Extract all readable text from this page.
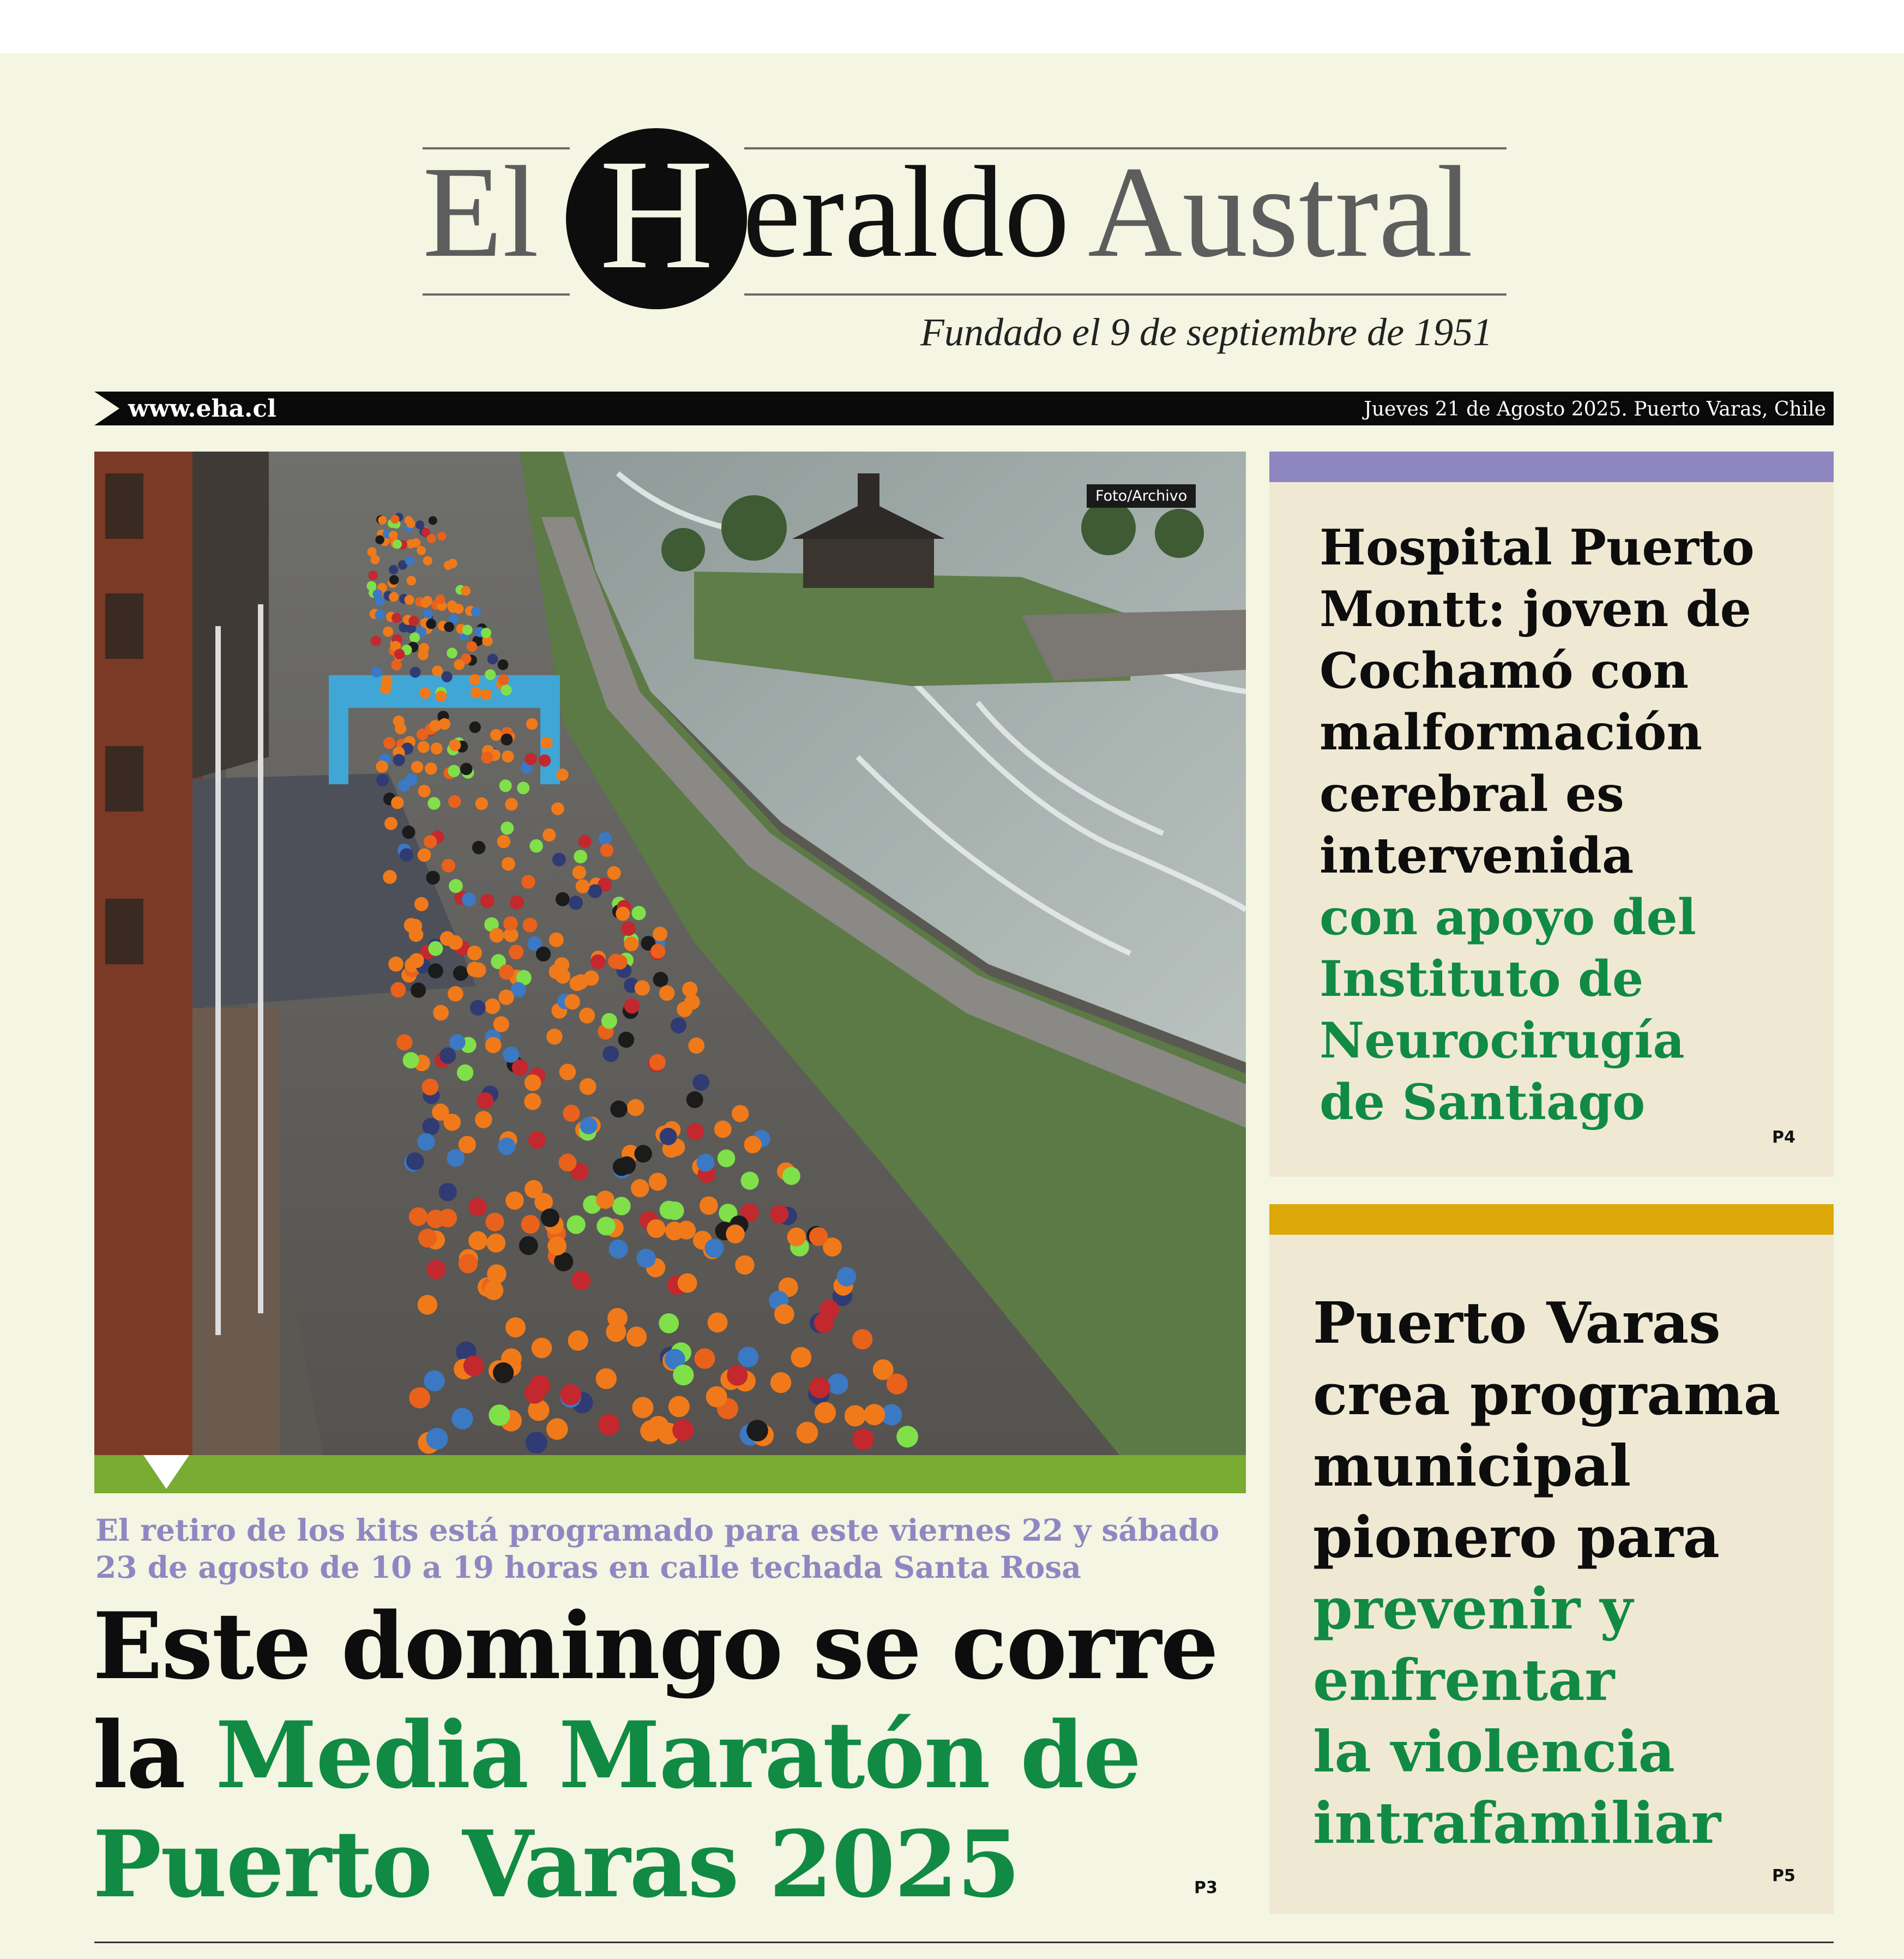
El H eraldo Austral
Fundado el 9 de septiembre de 1951
www.eha.cl	Jueves 21 de Agosto 2025. Puerto Varas, Chile
Foto/Archivo
El retiro de los kits está programado para este viernes 22 y sábado 23 de agosto de 10 a 19 horas en calle techada Santa Rosa
Este domingo se corre
la Media Maratón de
Puerto Varas 2025	P3
Hospital Puerto
Montt: joven de
Cochamó con
malformación
cerebral es
intervenida
con apoyo del
Instituto de
Neurocirugía
de Santiago
P4
Puerto Varas
crea programa
municipal
pionero para
prevenir y
enfrentar
la violencia
intrafamiliar
P5
